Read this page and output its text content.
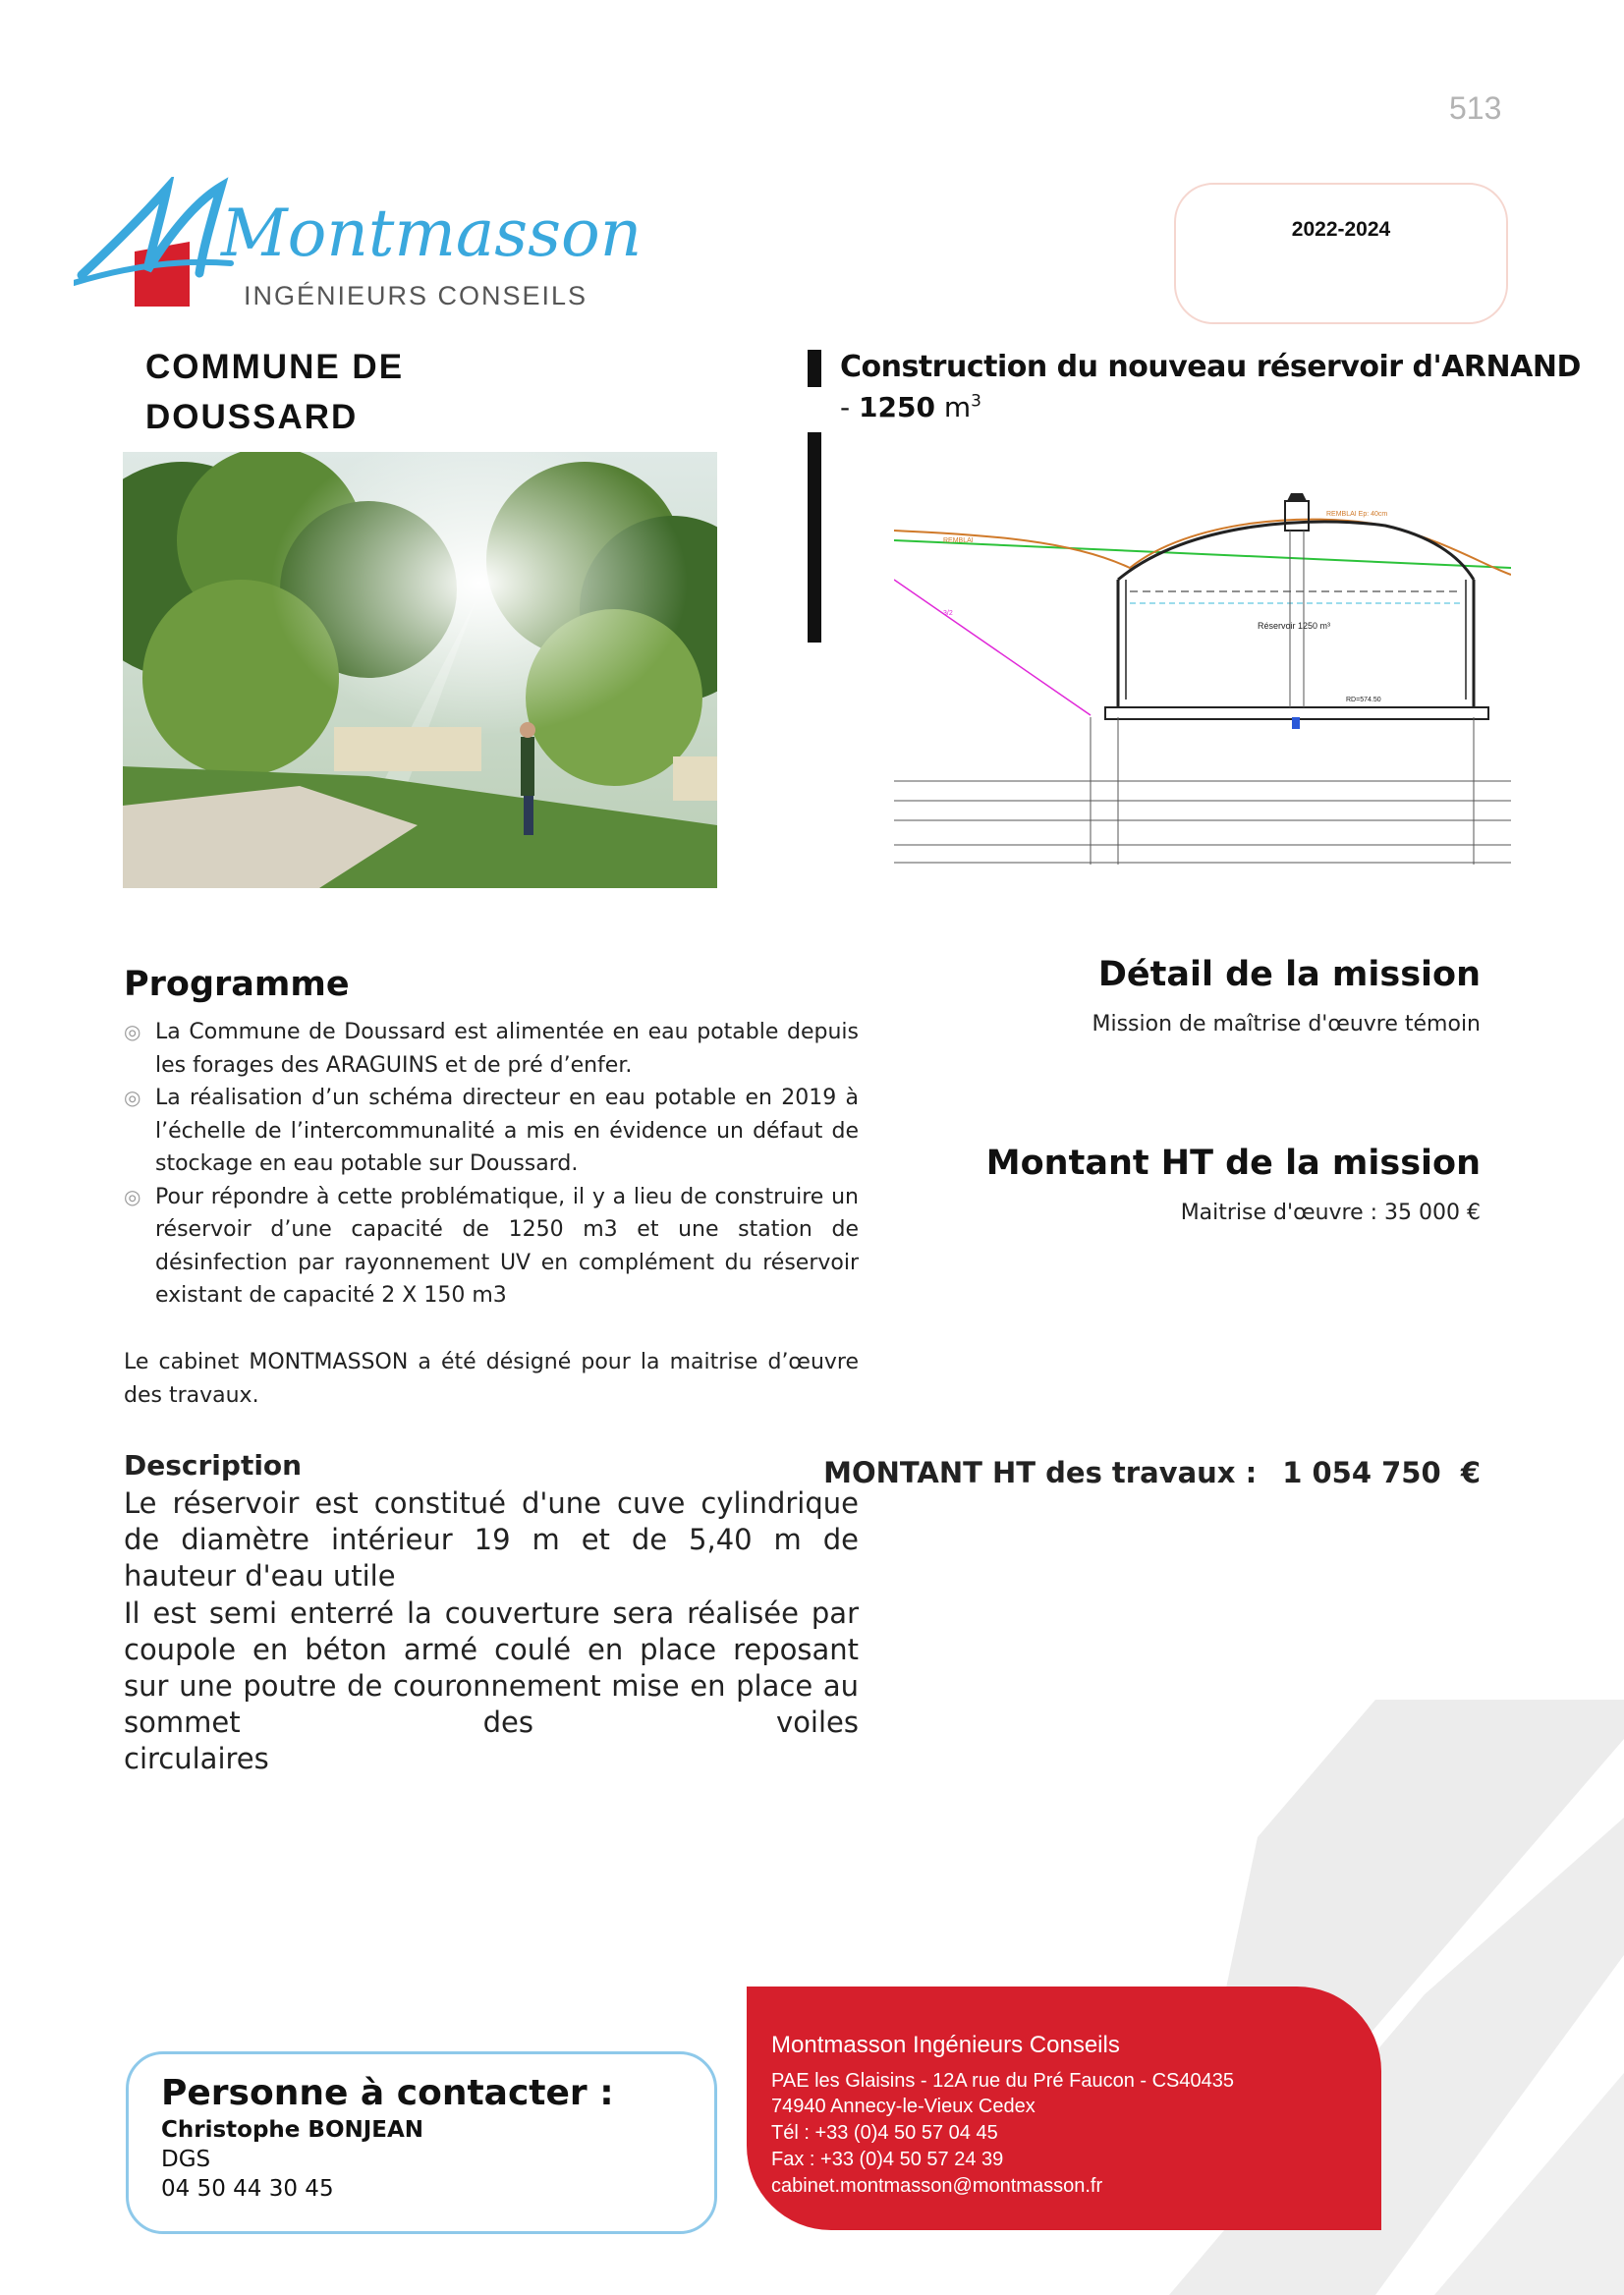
513
Montmasson
INGÉNIEURS CONSEILS
2022-2024
COMMUNE DE
DOUSSARD
Construction du nouveau réservoir d'ARNAND
- 1250 $m^3$
REMBLAI Ep: 40cm
REMBLAI
Réservoir 1250 m³
RD=574.50
3/2
Programme
◎ La Commune de Doussard est alimentée en eau potable depuis les forages des ARAGUINS et de pré d’enfer.
◎ La réalisation d’un schéma directeur en eau potable en 2019 à l’échelle de l’intercommunalité a mis en évidence un défaut de stockage en eau potable sur Doussard.
◎ Pour répondre à cette problématique, il y a lieu de construire un réservoir d’une capacité de 1250 m3 et une station de désinfection par rayonnement UV en complément du réservoir existant de capacité 2 X 150 m3
Le cabinet MONTMASSON a été désigné pour la maitrise d’œuvre des travaux.
Description
Le réservoir est constitué d'une cuve cylindrique de diamètre intérieur 19 m et de 5,40 m de hauteur d'eau utile
Il est semi enterré la couverture sera réalisée par coupole en béton armé coulé en place reposant sur une poutre de couronnement mise en place au sommet des voiles
circulaires
Détail de la mission
Mission de maîtrise d'œuvre témoin
Montant HT de la mission
Maitrise d'œuvre : 35 000 €
MONTANT HT des travaux : 1 054 750  €
Personne à contacter :
Christophe BONJEAN
DGS
04 50 44 30 45
Montmasson Ingénieurs Conseils
PAE les Glaisins - 12A rue du Pré Faucon - CS40435
74940 Annecy-le-Vieux Cedex
Tél : +33 (0)4 50 57 04 45
Fax : +33 (0)4 50 57 24 39
cabinet.montmasson@montmasson.fr
